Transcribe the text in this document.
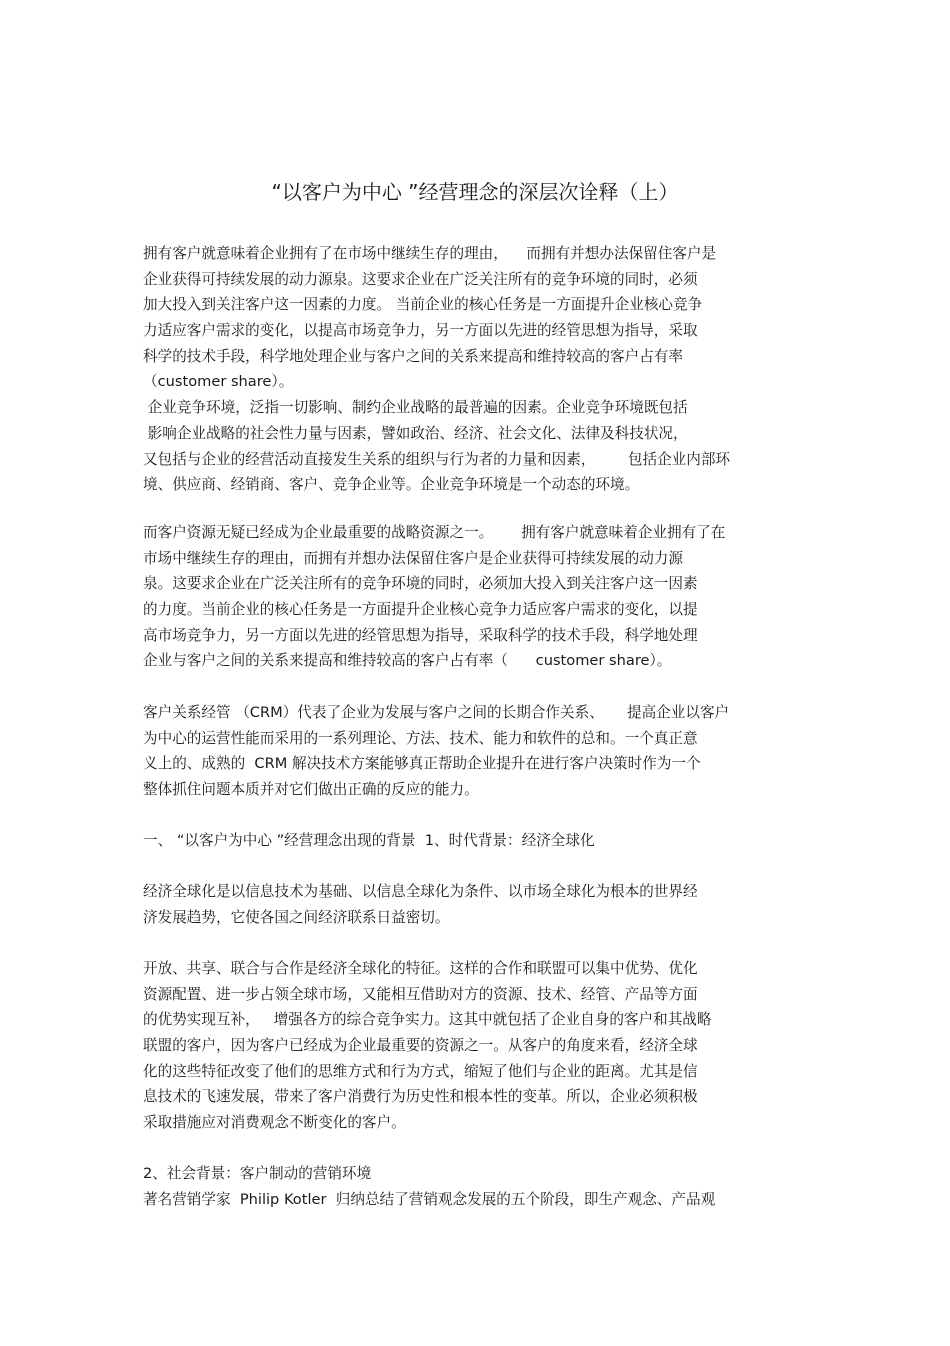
“以客户为中心 ”经营理念的深层次诠释（上）
拥有客户就意味着企业拥有了在市场中继续生存的理由，    而拥有并想办法保留住客户是
企业获得可持续发展的动力源泉。这要求企业在广泛关注所有的竞争环境的同时，必须
加大投入到关注客户这一因素的力度。 当前企业的核心任务是一方面提升企业核心竞争
力适应客户需求的变化，以提高市场竞争力，另一方面以先进的经管思想为指导，采取
科学的技术手段，科学地处理企业与客户之间的关系来提高和维持较高的客户占有率
（customer share）。
企业竞争环境，泛指一切影响、制约企业战略的最普遍的因素。企业竞争环境既包括
影响企业战略的社会性力量与因素，譬如政治、经济、社会文化、法律及科技状况，
又包括与企业的经营活动直接发生关系的组织与行为者的力量和因素，       包括企业内部环
境、供应商、经销商、客户、竞争企业等。企业竞争环境是一个动态的环境。
而客户资源无疑已经成为企业最重要的战略资源之一。      拥有客户就意味着企业拥有了在
市场中继续生存的理由，而拥有并想办法保留住客户是企业获得可持续发展的动力源
泉。这要求企业在广泛关注所有的竞争环境的同时，必须加大投入到关注客户这一因素
的力度。当前企业的核心任务是一方面提升企业核心竞争力适应客户需求的变化，以提
高市场竞争力，另一方面以先进的经管思想为指导，采取科学的技术手段，科学地处理
企业与客户之间的关系来提高和维持较高的客户占有率（      customer share）。
客户关系经管 （CRM）代表了企业为发展与客户之间的长期合作关系、     提高企业以客户
为中心的运营性能而采用的一系列理论、方法、技术、能力和软件的总和。一个真正意
义上的、成熟的  CRM 解决技术方案能够真正帮助企业提升在进行客户决策时作为一个
整体抓住问题本质并对它们做出正确的反应的能力。
一、 “以客户为中心 ”经营理念出现的背景  1、时代背景：经济全球化
经济全球化是以信息技术为基础、以信息全球化为条件、以市场全球化为根本的世界经
济发展趋势，它使各国之间经济联系日益密切。
开放、共享、联合与合作是经济全球化的特征。这样的合作和联盟可以集中优势、优化
资源配置、进一步占领全球市场，又能相互借助对方的资源、技术、经管、产品等方面
的优势实现互补，   增强各方的综合竞争实力。这其中就包括了企业自身的客户和其战略
联盟的客户，因为客户已经成为企业最重要的资源之一。从客户的角度来看，经济全球
化的这些特征改变了他们的思维方式和行为方式，缩短了他们与企业的距离。尤其是信
息技术的飞速发展，带来了客户消费行为历史性和根本性的变革。所以，企业必须积极
采取措施应对消费观念不断变化的客户。
2、社会背景：客户制动的营销环境
著名营销学家  Philip Kotler  归纳总结了营销观念发展的五个阶段，即生产观念、产品观
